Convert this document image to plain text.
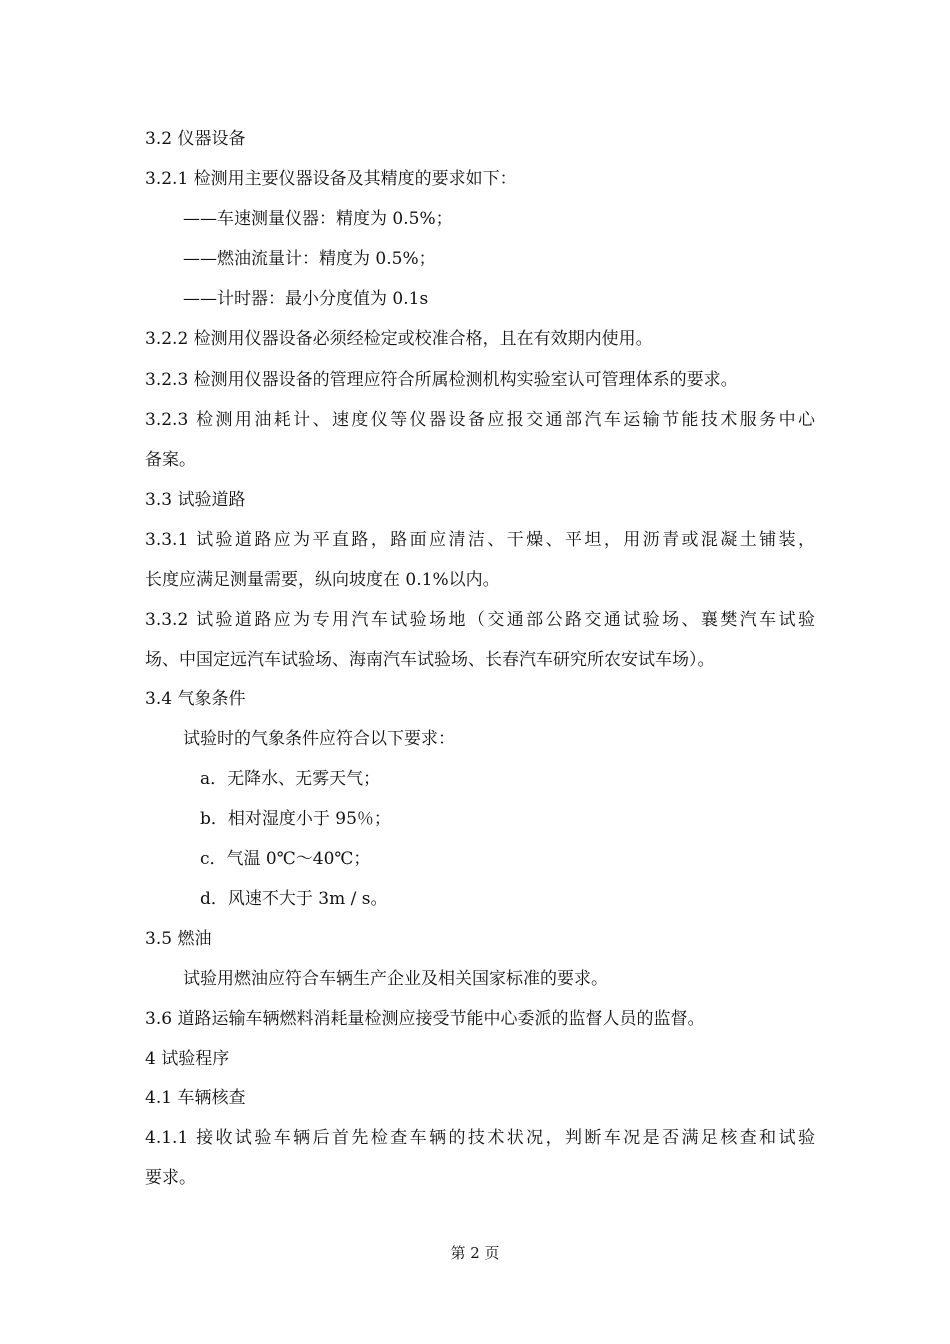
3.2 仪器设备
3.2.1 检测用主要仪器设备及其精度的要求如下：
——车速测量仪器：精度为 0.5%；
——燃油流量计：精度为 0.5%；
——计时器：最小分度值为 0.1s
3.2.2 检测用仪器设备必须经检定或校准合格，且在有效期内使用。
3.2.3 检测用仪器设备的管理应符合所属检测机构实验室认可管理体系的要求。
3.2.3 检测用油耗计、速度仪等仪器设备应报交通部汽车运输节能技术服务中心
备案。
3.3 试验道路
3.3.1 试验道路应为平直路，路面应清洁、干燥、平坦，用沥青或混凝土铺装，
长度应满足测量需要，纵向坡度在 0.1%以内。
3.3.2 试验道路应为专用汽车试验场地（交通部公路交通试验场、襄樊汽车试验
场、中国定远汽车试验场、海南汽车试验场、长春汽车研究所农安试车场）。
3.4 气象条件
试验时的气象条件应符合以下要求：
a．无降水、无雾天气；
b．相对湿度小于 95％；
c．气温 0℃～40℃；
d．风速不大于 3m / s。
3.5 燃油
试验用燃油应符合车辆生产企业及相关国家标准的要求。
3.6 道路运输车辆燃料消耗量检测应接受节能中心委派的监督人员的监督。
4 试验程序
4.1 车辆核查
4.1.1 接收试验车辆后首先检查车辆的技术状况，判断车况是否满足核查和试验
要求。
第 2 页
